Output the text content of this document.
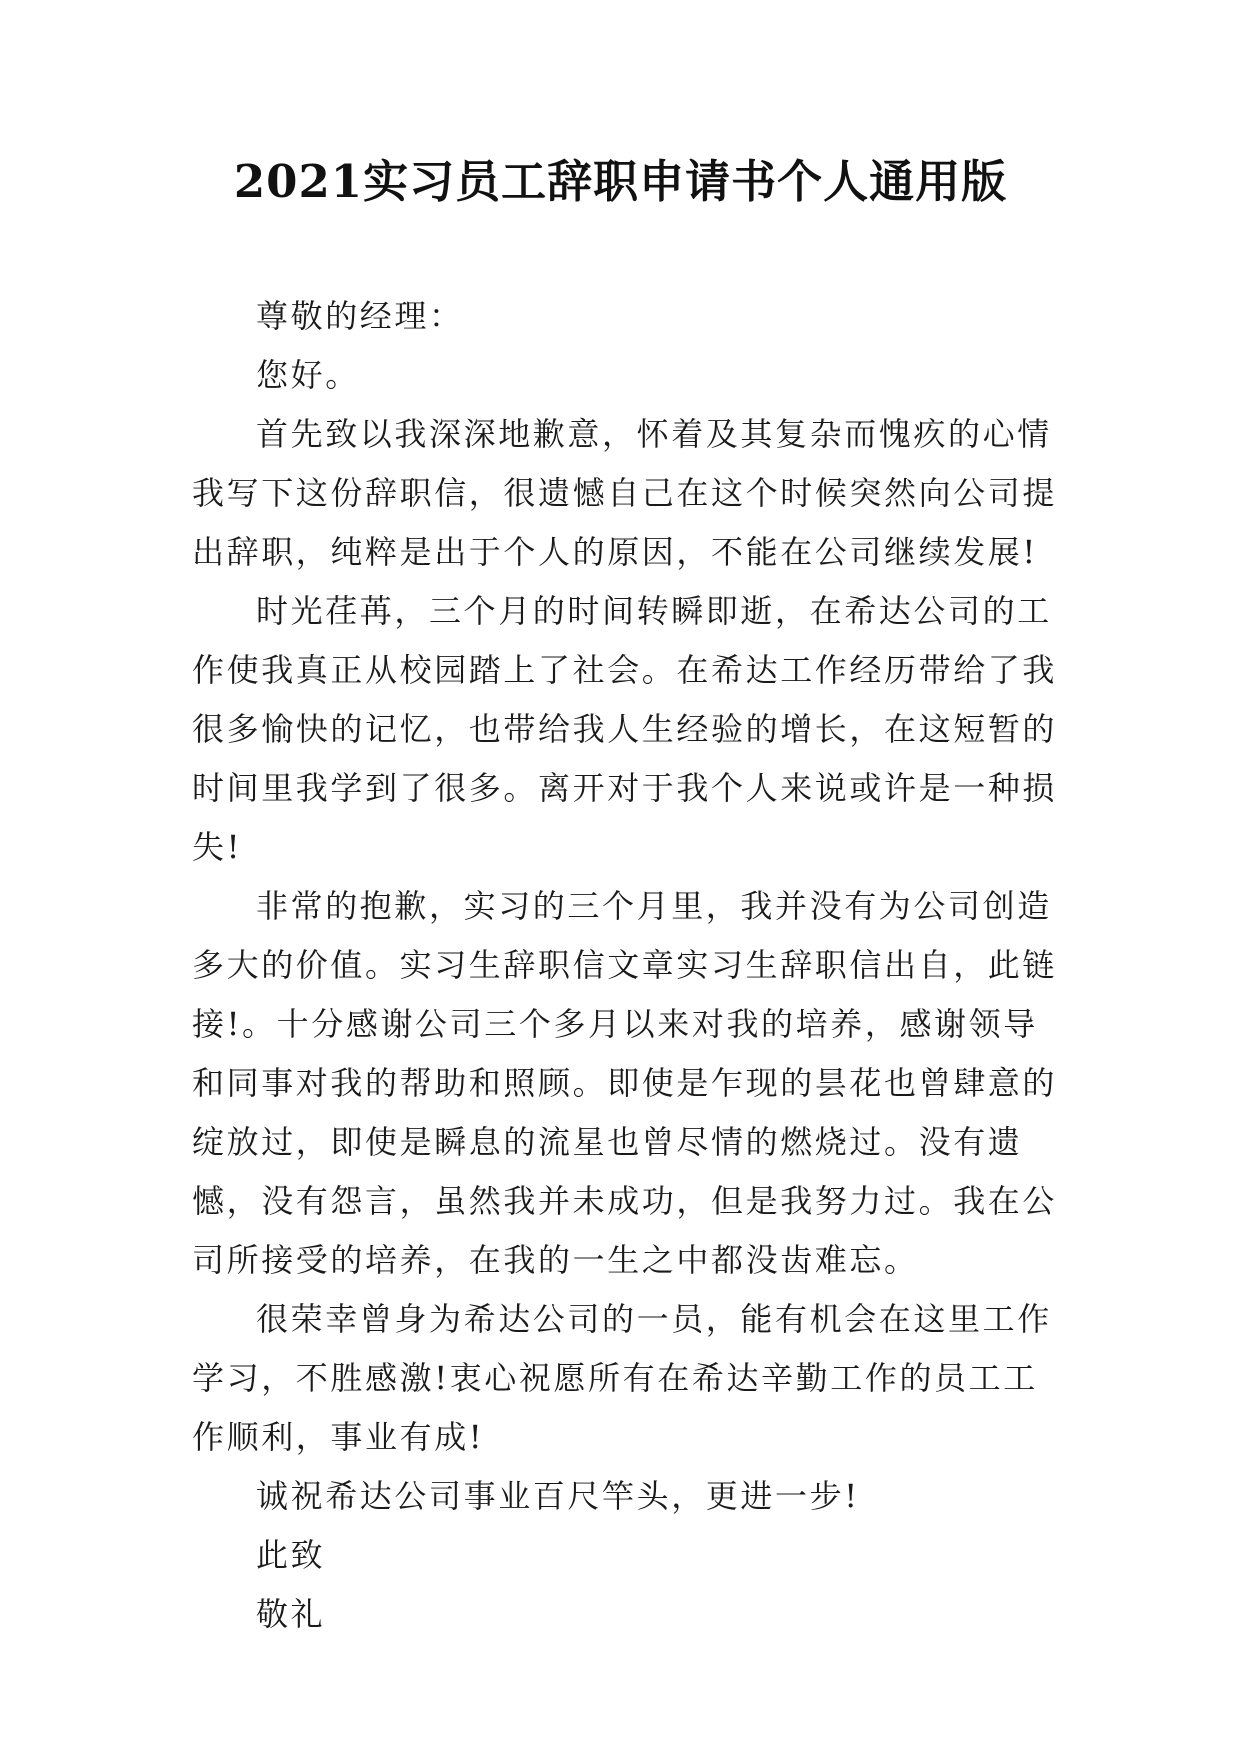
2021实习员工辞职申请书个人通用版

尊敬的经理：

您好。

首先致以我深深地歉意，怀着及其复杂而愧疚的心情我写下这份辞职信，很遗憾自己在这个时候突然向公司提出辞职，纯粹是出于个人的原因，不能在公司继续发展!

时光荏苒，三个月的时间转瞬即逝，在希达公司的工作使我真正从校园踏上了社会。在希达工作经历带给了我很多愉快的记忆，也带给我人生经验的增长，在这短暂的时间里我学到了很多。离开对于我个人来说或许是一种损失!

非常的抱歉，实习的三个月里，我并没有为公司创造多大的价值。实习生辞职信文章实习生辞职信出自，此链接!。十分感谢公司三个多月以来对我的培养，感谢领导和同事对我的帮助和照顾。即使是乍现的昙花也曾肆意的绽放过，即使是瞬息的流星也曾尽情的燃烧过。没有遗憾，没有怨言，虽然我并未成功，但是我努力过。我在公司所接受的培养，在我的一生之中都没齿难忘。

很荣幸曾身为希达公司的一员，能有机会在这里工作学习，不胜感激!衷心祝愿所有在希达辛勤工作的员工工作顺利，事业有成!

诚祝希达公司事业百尺竿头，更进一步!

此致

敬礼
